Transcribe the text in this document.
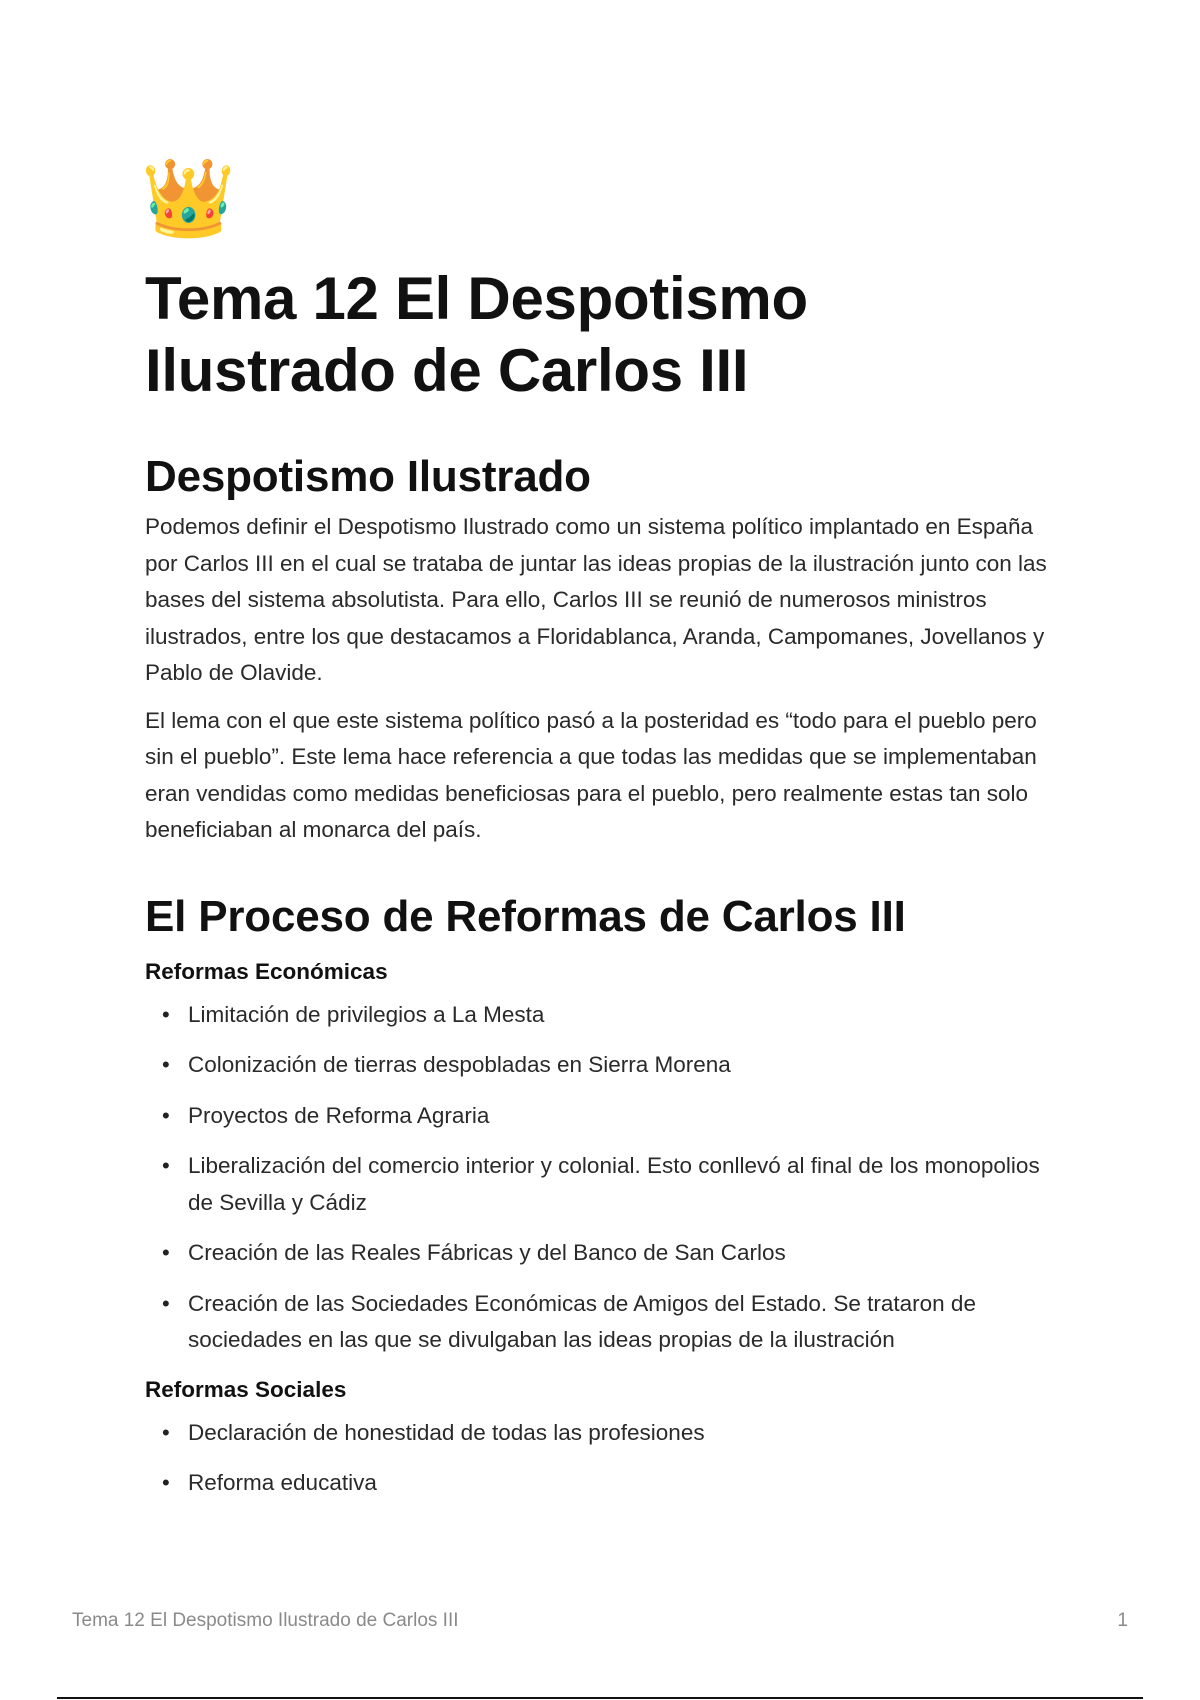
👑
Tema 12 El Despotismo Ilustrado de Carlos III
Despotismo Ilustrado

Podemos definir el Despotismo Ilustrado como un sistema político implantado en España por Carlos III en el cual se trataba de juntar las ideas propias de la ilustración junto con las bases del sistema absolutista. Para ello, Carlos III se reunió de numerosos ministros ilustrados, entre los que destacamos a Floridablanca, Aranda, Campomanes, Jovellanos y Pablo de Olavide.

El lema con el que este sistema político pasó a la posteridad es “todo para el pueblo pero sin el pueblo”. Este lema hace referencia a que todas las medidas que se implementaban eran vendidas como medidas beneficiosas para el pueblo, pero realmente estas tan solo beneficiaban al monarca del país.

El Proceso de Reformas de Carlos III
Reformas Económicas
• Limitación de privilegios a La Mesta
• Colonización de tierras despobladas en Sierra Morena
• Proyectos de Reforma Agraria
• Liberalización del comercio interior y colonial. Esto conllevó al final de los monopolios de Sevilla y Cádiz
• Creación de las Reales Fábricas y del Banco de San Carlos
• Creación de las Sociedades Económicas de Amigos del Estado. Se trataron de sociedades en las que se divulgaban las ideas propias de la ilustración
Reformas Sociales
• Declaración de honestidad de todas las profesiones
• Reforma educativa
Tema 12 El Despotismo Ilustrado de Carlos III	1
